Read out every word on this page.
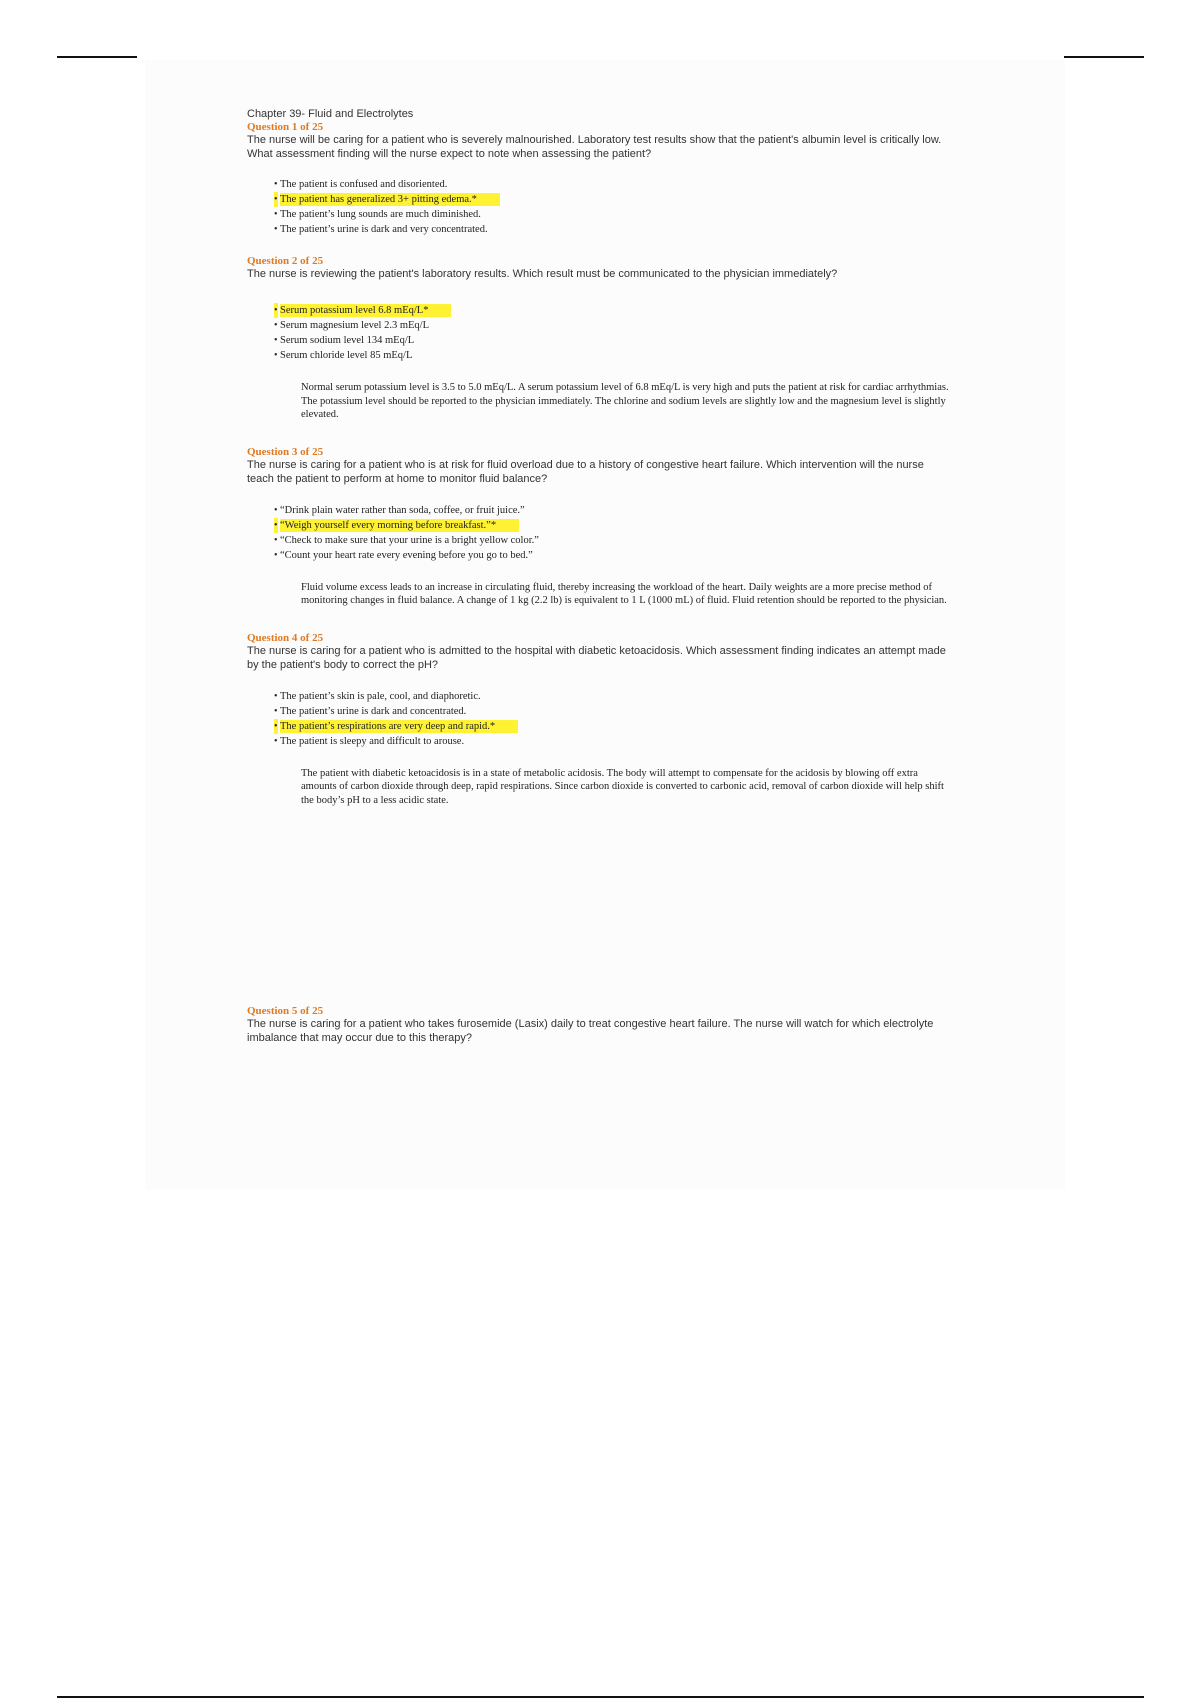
Chapter 39- Fluid and Electrolytes
Question 1 of 25
The nurse will be caring for a patient who is severely malnourished. Laboratory test results show that the patient's albumin level is critically low. What assessment finding will the nurse expect to note when assessing the patient?
• The patient is confused and disoriented.
• The patient has generalized 3+ pitting edema.*
• The patient’s lung sounds are much diminished.
• The patient’s urine is dark and very concentrated.
Question 2 of 25
The nurse is reviewing the patient's laboratory results. Which result must be communicated to the physician immediately?
• Serum potassium level 6.8 mEq/L*
• Serum magnesium level 2.3 mEq/L
• Serum sodium level 134 mEq/L
• Serum chloride level 85 mEq/L
Normal serum potassium level is 3.5 to 5.0 mEq/L. A serum potassium level of 6.8 mEq/L is very high and puts the patient at risk for cardiac arrhythmias. The potassium level should be reported to the physician immediately. The chlorine and sodium levels are slightly low and the magnesium level is slightly elevated.
Question 3 of 25
The nurse is caring for a patient who is at risk for fluid overload due to a history of congestive heart failure. Which intervention will the nurse teach the patient to perform at home to monitor fluid balance?
• “Drink plain water rather than soda, coffee, or fruit juice.”
• “Weigh yourself every morning before breakfast.”*
• “Check to make sure that your urine is a bright yellow color.”
• “Count your heart rate every evening before you go to bed.”
Fluid volume excess leads to an increase in circulating fluid, thereby increasing the workload of the heart. Daily weights are a more precise method of monitoring changes in fluid balance. A change of 1 kg (2.2 lb) is equivalent to 1 L (1000 mL) of fluid. Fluid retention should be reported to the physician.
Question 4 of 25
The nurse is caring for a patient who is admitted to the hospital with diabetic ketoacidosis. Which assessment finding indicates an attempt made by the patient's body to correct the pH?
• The patient’s skin is pale, cool, and diaphoretic.
• The patient’s urine is dark and concentrated.
• The patient’s respirations are very deep and rapid.*
• The patient is sleepy and difficult to arouse.
The patient with diabetic ketoacidosis is in a state of metabolic acidosis. The body will attempt to compensate for the acidosis by blowing off extra amounts of carbon dioxide through deep, rapid respirations. Since carbon dioxide is converted to carbonic acid, removal of carbon dioxide will help shift the body’s pH to a less acidic state.
Question 5 of 25
The nurse is caring for a patient who takes furosemide (Lasix) daily to treat congestive heart failure. The nurse will watch for which electrolyte imbalance that may occur due to this therapy?
